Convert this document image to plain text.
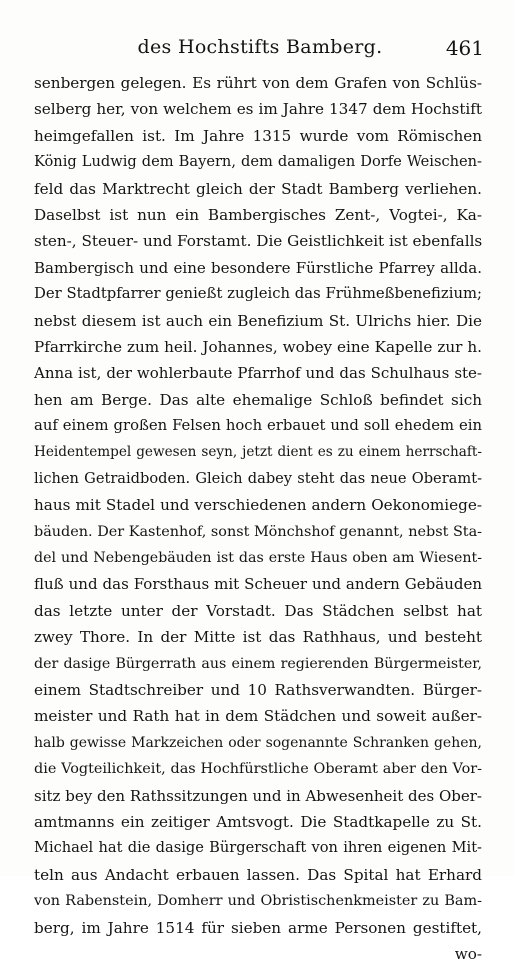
des Hochstifts Bamberg.	461
senbergen gelegen. Es rührt von dem Grafen von Schlüs-
selberg her, von welchem es im Jahre 1347 dem Hochstift
heimgefallen ist. Im Jahre 1315 wurde vom Römischen
König Ludwig dem Bayern, dem damaligen Dorfe Weischen-
feld das Marktrecht gleich der Stadt Bamberg verliehen.
Daselbst ist nun ein Bambergisches Zent-, Vogtei-, Ka-
sten-, Steuer- und Forstamt. Die Geistlichkeit ist ebenfalls
Bambergisch und eine besondere Fürstliche Pfarrey allda.
Der Stadtpfarrer genießt zugleich das Frühmeßbenefizium;
nebst diesem ist auch ein Benefizium St. Ulrichs hier. Die
Pfarrkirche zum heil. Johannes, wobey eine Kapelle zur h.
Anna ist, der wohlerbaute Pfarrhof und das Schulhaus ste-
hen am Berge. Das alte ehemalige Schloß befindet sich
auf einem großen Felsen hoch erbauet und soll ehedem ein
Heidentempel gewesen seyn, jetzt dient es zu einem herrschaft-
lichen Getraidboden. Gleich dabey steht das neue Oberamt-
haus mit Stadel und verschiedenen andern Oekonomiege-
bäuden. Der Kastenhof, sonst Mönchshof genannt, nebst Sta-
del und Nebengebäuden ist das erste Haus oben am Wiesent-
fluß und das Forsthaus mit Scheuer und andern Gebäuden
das letzte unter der Vorstadt. Das Städchen selbst hat
zwey Thore. In der Mitte ist das Rathhaus, und besteht
der dasige Bürgerrath aus einem regierenden Bürgermeister,
einem Stadtschreiber und 10 Rathsverwandten. Bürger-
meister und Rath hat in dem Städchen und soweit außer-
halb gewisse Markzeichen oder sogenannte Schranken gehen,
die Vogteilichkeit, das Hochfürstliche Oberamt aber den Vor-
sitz bey den Rathssitzungen und in Abwesenheit des Ober-
amtmanns ein zeitiger Amtsvogt. Die Stadtkapelle zu St.
Michael hat die dasige Bürgerschaft von ihren eigenen Mit-
teln aus Andacht erbauen lassen. Das Spital hat Erhard
von Rabenstein, Domherr und Obristischenkmeister zu Bam-
berg, im Jahre 1514 für sieben arme Personen gestiftet,
wo-
